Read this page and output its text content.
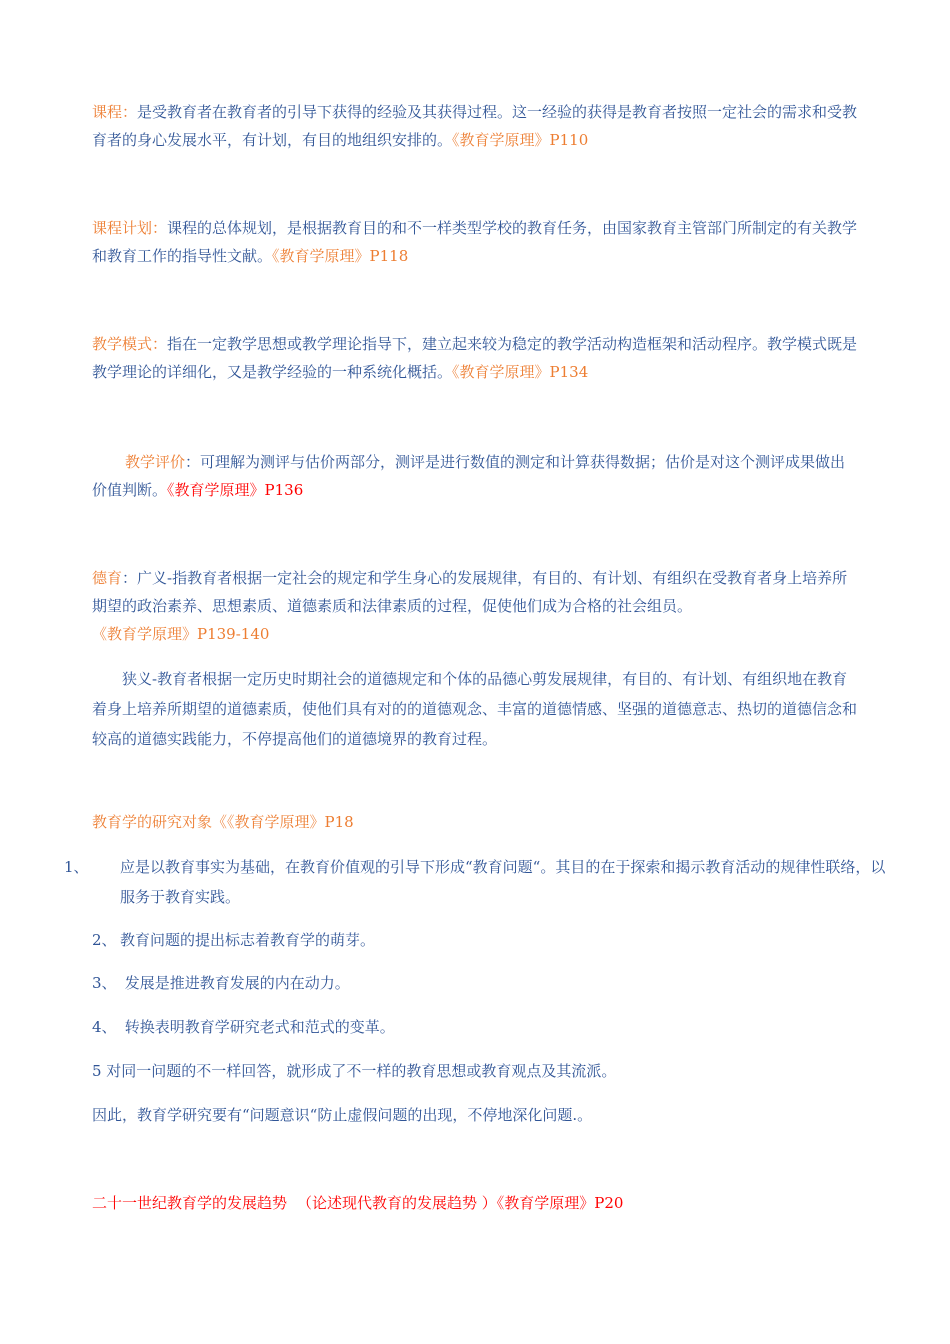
课程：是受教育者在教育者的引导下获得的经验及其获得过程。这一经验的获得是教育者按照一定社会的需求和受教育者的身心发展水平，有计划，有目的地组织安排的。《教育学原理》P110

课程计划：课程的总体规划，是根据教育目的和不一样类型学校的教育任务，由国家教育主管部门所制定的有关教学和教育工作的指导性文献。《教育学原理》P118

教学模式：指在一定教学思想或教学理论指导下，建立起来较为稳定的教学活动构造框架和活动程序。教学模式既是教学理论的详细化，又是教学经验的一种系统化概括。《教育学原理》P134

教学评价：可理解为测评与估价两部分，测评是进行数值的测定和计算获得数据；估价是对这个测评成果做出价值判断。《教育学原理》P136

德育：广义-指教育者根据一定社会的规定和学生身心的发展规律，有目的、有计划、有组织在受教育者身上培养所期望的政治素养、思想素质、道德素质和法律素质的过程，促使他们成为合格的社会组员。
《教育学原理》P139-140

狭义-教育者根据一定历史时期社会的道德规定和个体的品德心剪发展规律，有目的、有计划、有组织地在教育着身上培养所期望的道德素质，使他们具有对的的道德观念、丰富的道德情感、坚强的道德意志、热切的道德信念和较高的道德实践能力，不停提高他们的道德境界的教育过程。

教育学的研究对象《《教育学原理》P18

1、 应是以教育事实为基础，在教育价值观的引导下形成“教育问题“。其目的在于探索和揭示教育活动的规律性联络，以服务于教育实践。

2、 教育问题的提出标志着教育学的萌芽。

3、 发展是推进教育发展的内在动力。

4、 转换表明教育学研究老式和范式的变革。

5 对同一问题的不一样回答，就形成了不一样的教育思想或教育观点及其流派。

因此，教育学研究要有“问题意识“防止虚假问题的出现，不停地深化问题.。

二十一世纪教育学的发展趋势 （论述现代教育的发展趋势 ）《教育学原理》P20
